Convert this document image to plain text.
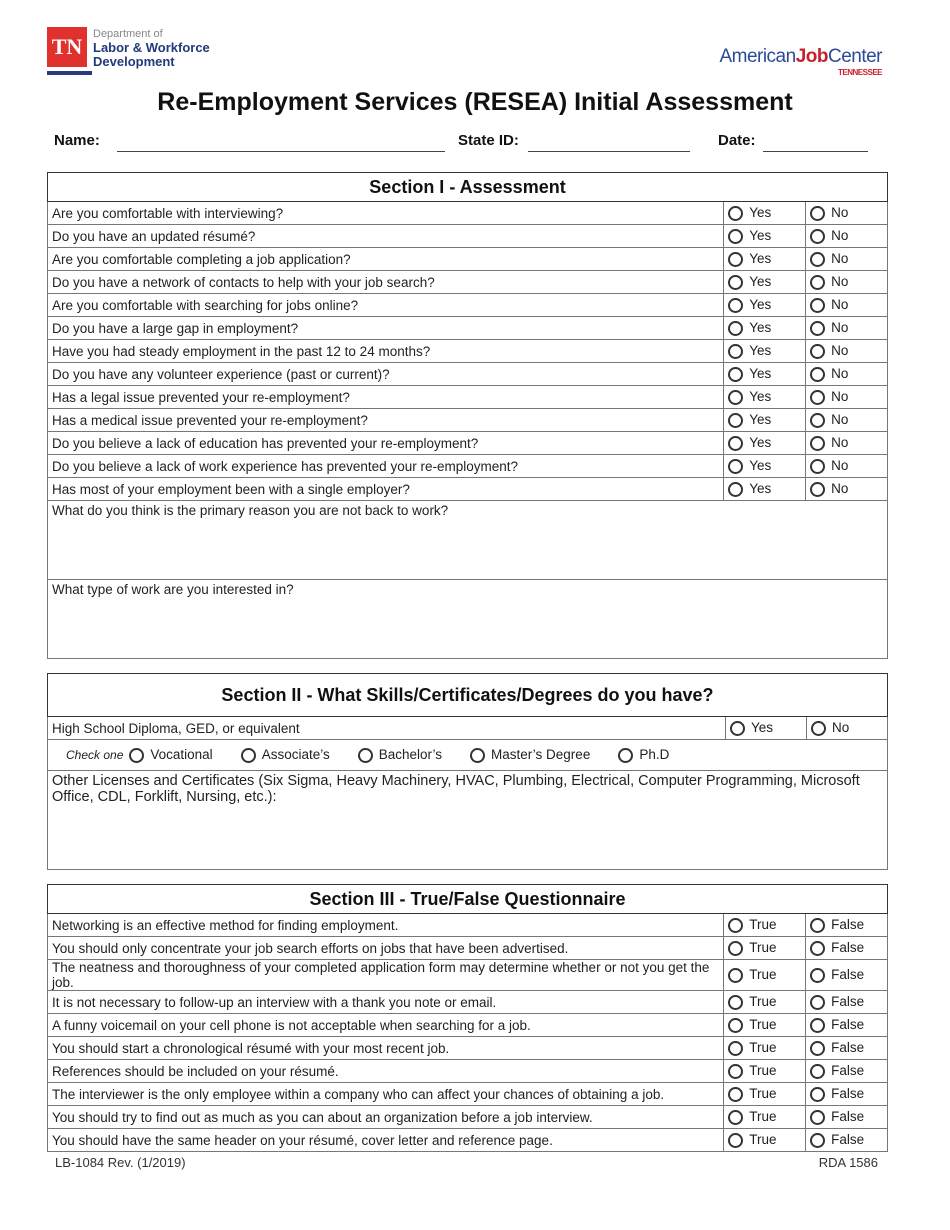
TN Department of
Labor & Workforce
Development	AmericanJobCenter
TENNESSEE
Re-Employment Services (RESEA) Initial Assessment
Name:	State ID:	Date:
Section I - Assessment		
Are you comfortable with interviewing?	Yes	No
Do you have an updated résumé?	Yes	No
Are you comfortable completing a job application?	Yes	No
Do you have a network of contacts to help with your job search?	Yes	No
Are you comfortable with searching for jobs online?	Yes	No
Do you have a large gap in employment?	Yes	No
Have you had steady employment in the past 12 to 24 months?	Yes	No
Do you have any volunteer experience (past or current)?	Yes	No
Has a legal issue prevented your re-employment?	Yes	No
Has a medical issue prevented your re-employment?	Yes	No
Do you believe a lack of education has prevented your re-employment?	Yes	No
Do you believe a lack of work experience has prevented your re-employment?	Yes	No
Has most of your employment been with a single employer?	Yes	No
What do you think is the primary reason you are not back to work?		
What type of work are you interested in?		
Section II - What Skills/Certificates/Degrees do you have?
High School Diploma, GED, or equivalent	Yes	No
Check one Vocational	Associate’s	Bachelor’s	Master’s Degree	Ph.D
Other Licenses and Certificates (Six Sigma, Heavy Machinery, HVAC, Plumbing, Electrical, Computer Programming, Microsoft Office, CDL, Forklift, Nursing, etc.):
Section III - True/False Questionnaire		
Networking is an effective method for finding employment.	True	False
You should only concentrate your job search efforts on jobs that have been advertised.	True	False
The neatness and thoroughness of your completed application form may determine whether or not you get the job.	True	False
It is not necessary to follow-up an interview with a thank you note or email.	True	False
A funny voicemail on your cell phone is not acceptable when searching for a job.	True	False
You should start a chronological résumé with your most recent job.	True	False
References should be included on your résumé.	True	False
The interviewer is the only employee within a company who can affect your chances of obtaining a job.	True	False
You should try to find out as much as you can about an organization before a job interview.	True	False
You should have the same header on your résumé, cover letter and reference page.	True	False
LB-1084 Rev. (1/2019)	RDA 1586
